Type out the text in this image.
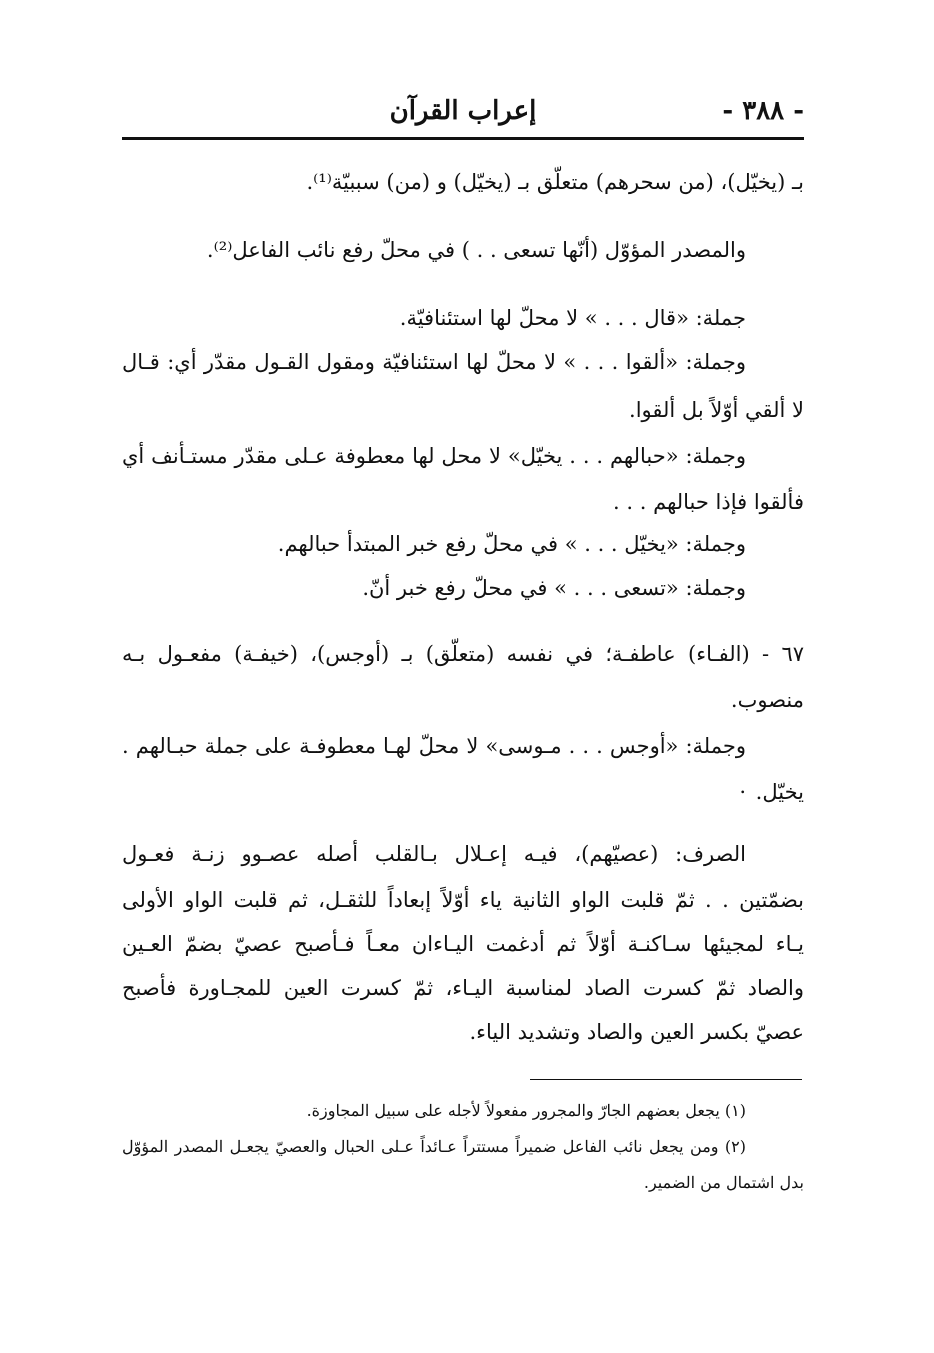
- ٣٨٨ -
إعراب القرآن
بـ (يخيّل)، (من سحرهم) متعلّق بـ (يخيّل) و (من) سببيّة⁽¹⁾.
والمصدر المؤوّل (أنّها تسعى . . ) في محلّ رفع نائب الفاعل⁽²⁾.
جملة: «قال . . . » لا محلّ لها استئنافيّة.
وجملة: «ألقوا . . . » لا محلّ لها استئنافيّة ومقول القـول مقدّر أي: قـال
لا ألقي أوّلاً بل ألقوا.
وجملة: «حبالهم . . . يخيّل» لا محل لها معطوفة عـلى مقدّر مستـأنف أي
فألقوا فإذا حبالهم . . .
وجملة: «يخيّل . . . » في محلّ رفع خبر المبتدأ حبالهم.
وجملة: «تسعى . . . » في محلّ رفع خبر أنّ.
٦٧ - (الفـاء) عاطفـة؛ في نفسه (متعلّق) بـ (أوجس)، (خيفـة) مفعـول بـه
منصوب.
وجملة: «أوجس . . . مـوسى» لا محلّ لهـا معطوفـة على جملة حبـالهم . . يخيّل.
الصرف: (عصيّهم)، فيـه إعـلال بـالقلب أصله عصـوو زنـة فعـول
بضمّتين . . ثمّ قلبت الواو الثانية ياء أوّلاً إبعاداً للثقـل، ثم قلبت الواو الأولى
يـاء لمجيئها سـاكنـة أوّلاً ثم أدغمت اليـاءان معـاً فـأصبح عصيّ بضمّ العـين
والصاد ثمّ كسرت الصاد لمناسبة اليـاء، ثمّ كسرت العين للمجـاورة فأصبح
عصيّ بكسر العين والصاد وتشديد الياء.
(١) يجعل بعضهم الجارّ والمجرور مفعولاً لأجله على سبيل المجاوزة.
(٢) ومن يجعل نائب الفاعل ضميراً مستتراً عـائداً عـلى الحبال والعصيّ يجعـل المصدر المؤوّل
بدل اشتمال من الضمير.
